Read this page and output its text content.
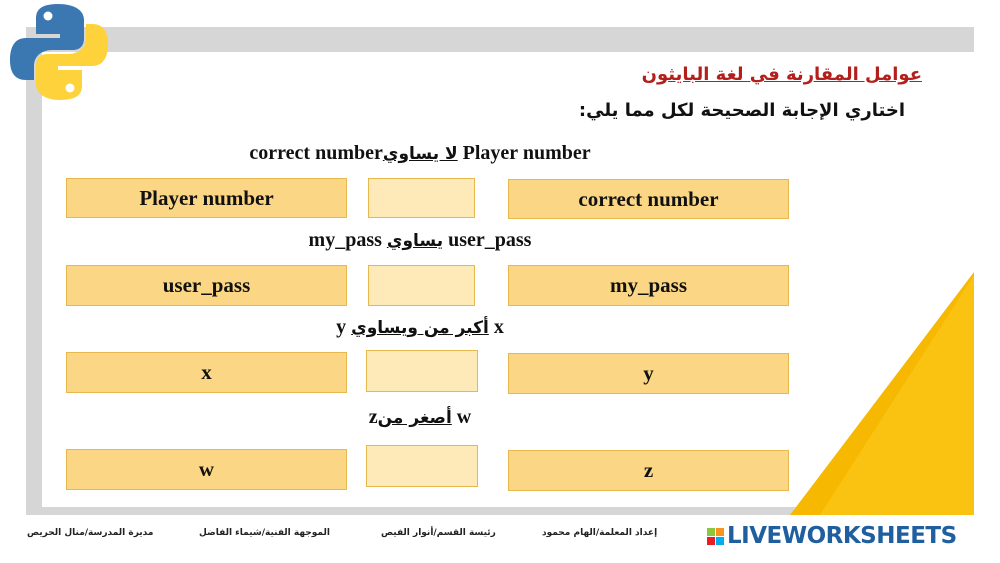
عوامل المقارنة في لغة البايثون
اختاري الإجابة الصحيحة لكل مما يلي:
correct numberلا يساوي Player number
Player number	correct number
my_pass يساوي user_pass
user_pass	my_pass
y أكبر من ويساوي x
x	y
zأصغر من w
w	z
إعداد المعلمة/الهام محمود
رئيسة القسم/أنوار الفيص
الموجهة الفنية/شيماء الفاضل
مديرة المدرسة/منال الحريص	LIVEWORKSHEETS
